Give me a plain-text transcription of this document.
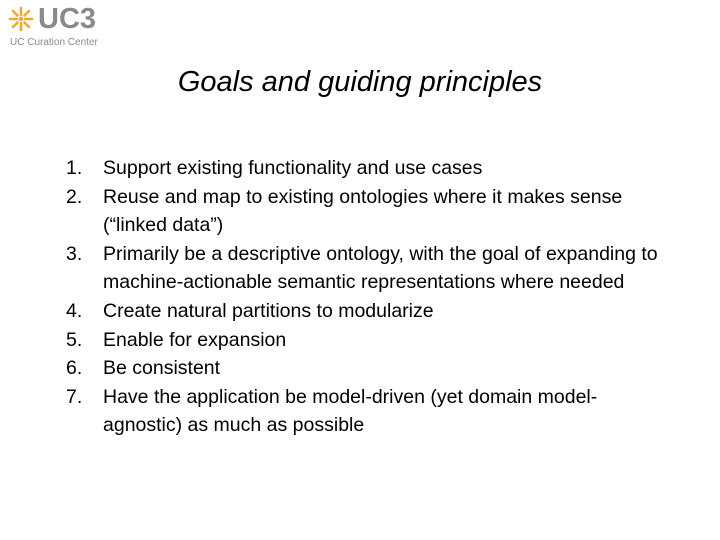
UC3
UC Curation Center
Goals and guiding principles
1.	Support existing functionality and use cases
2.	Reuse and map to existing ontologies where it makes sense (“linked data”)
3.	Primarily be a descriptive ontology, with the goal of expanding to machine-actionable semantic representations where needed
4.	Create natural partitions to modularize
5.	Enable for expansion
6.	Be consistent
7.	Have the application be model-driven (yet domain model-agnostic) as much as possible
